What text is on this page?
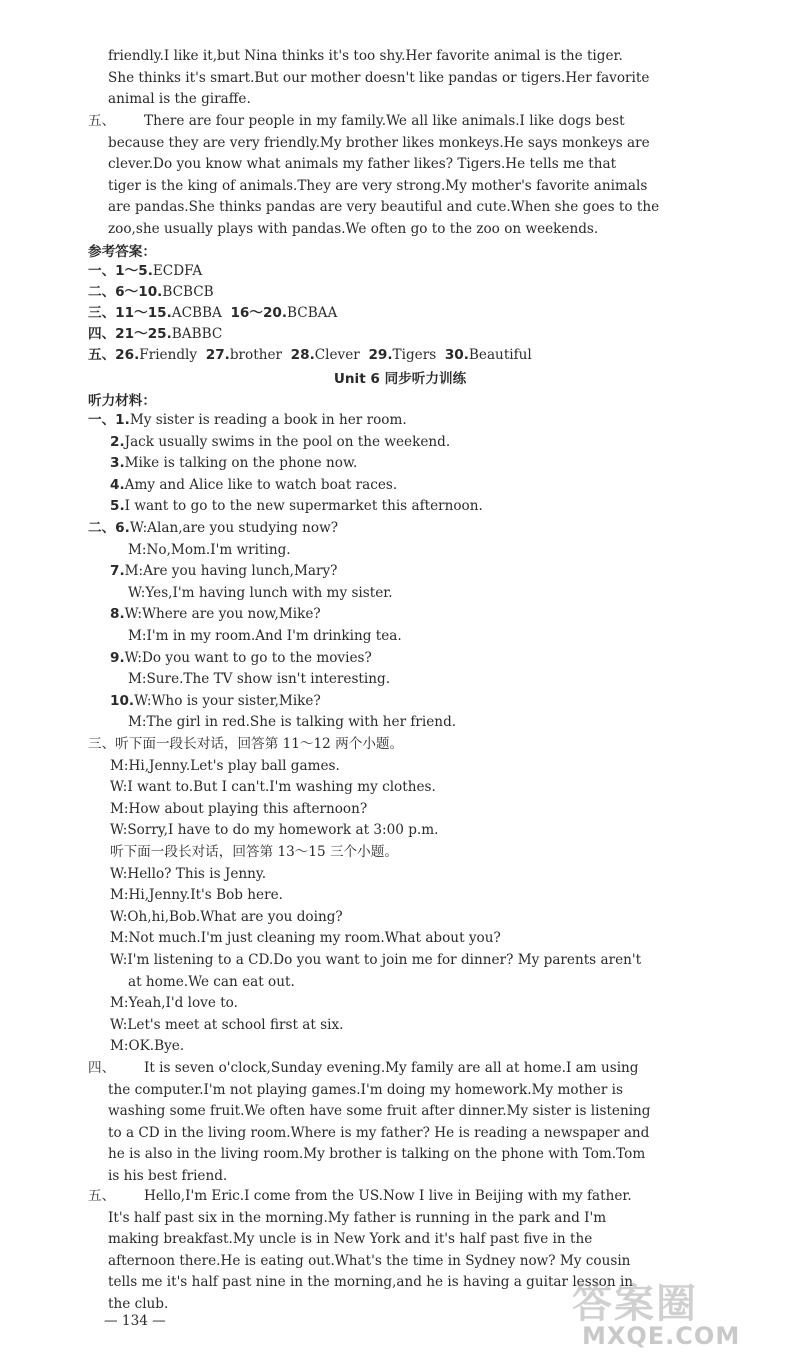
friendly.I like it,but Nina thinks it's too shy.Her favorite animal is the tiger.
She thinks it's smart.But our mother doesn't like pandas or tigers.Her favorite
animal is the giraffe.
五、	There are four people in my family.We all like animals.I like dogs best
because they are very friendly.My brother likes monkeys.He says monkeys are
clever.Do you know what animals my father likes? Tigers.He tells me that
tiger is the king of animals.They are very strong.My mother's favorite animals
are pandas.She thinks pandas are very beautiful and cute.When she goes to the
zoo,she usually plays with pandas.We often go to the zoo on weekends.
参考答案：
一、1～5.ECDFA
二、6～10.BCBCB
三、11～15.ACBBA 16～20.BCBAA
四、21～25.BABBC
五、26.Friendly 27.brother 28.Clever 29.Tigers 30.Beautiful
Unit 6 同步听力训练
听力材料：
一、1.My sister is reading a book in her room.
2.Jack usually swims in the pool on the weekend.
3.Mike is talking on the phone now.
4.Amy and Alice like to watch boat races.
5.I want to go to the new supermarket this afternoon.
二、6.W:Alan,are you studying now?
M:No,Mom.I'm writing.
7.M:Are you having lunch,Mary?
W:Yes,I'm having lunch with my sister.
8.W:Where are you now,Mike?
M:I'm in my room.And I'm drinking tea.
9.W:Do you want to go to the movies?
M:Sure.The TV show isn't interesting.
10.W:Who is your sister,Mike?
M:The girl in red.She is talking with her friend.
三、听下面一段长对话，回答第 11～12 两个小题。
M:Hi,Jenny.Let's play ball games.
W:I want to.But I can't.I'm washing my clothes.
M:How about playing this afternoon?
W:Sorry,I have to do my homework at 3:00 p.m.
听下面一段长对话，回答第 13～15 三个小题。
W:Hello? This is Jenny.
M:Hi,Jenny.It's Bob here.
W:Oh,hi,Bob.What are you doing?
M:Not much.I'm just cleaning my room.What about you?
W:I'm listening to a CD.Do you want to join me for dinner? My parents aren't
at home.We can eat out.
M:Yeah,I'd love to.
W:Let's meet at school first at six.
M:OK.Bye.
四、	It is seven o'clock,Sunday evening.My family are all at home.I am using
the computer.I'm not playing games.I'm doing my homework.My mother is
washing some fruit.We often have some fruit after dinner.My sister is listening
to a CD in the living room.Where is my father? He is reading a newspaper and
he is also in the living room.My brother is talking on the phone with Tom.Tom
is his best friend.
五、	Hello,I'm Eric.I come from the US.Now I live in Beijing with my father.
It's half past six in the morning.My father is running in the park and I'm
making breakfast.My uncle is in New York and it's half past five in the
afternoon there.He is eating out.What's the time in Sydney now? My cousin
tells me it's half past nine in the morning,and he is having a guitar lesson in
the club.
— 134 —	答案圈
MXQE.COM
